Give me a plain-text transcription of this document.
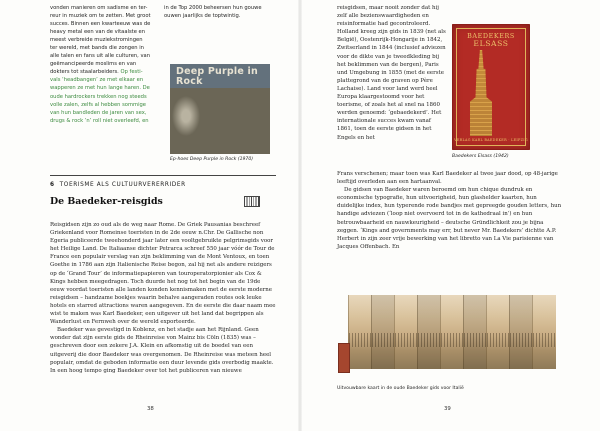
vonden manieren om sadisme en ter-

reur in muziek om te zetten. Met groot

succes. Binnen een kwarteeuw was de

heavy metal een van de vitaalste en

meest verbreide muziekstromingen

ter wereld, met bands die zongen in

alle talen en fans uit alle culturen, van

geëmancipeerde moslims en van

dokters tot staalarbeiders. Op festi-

vals ‘headbangen’ ze met elkaar en

wapperen ze met hun lange haren. De

oude hardrockers trekken nog steeds

volle zalen, zelfs al hebben sommige

van hun bandleden de jaren van sex,

drugs & rock ’n’ roll niet overleefd, en

in de Top 2000 beheersen hun gouwe

ouwen jaarlijks de toptwintig.

Deep Purple in Rock
Ep-hoes Deep Purple in Rock (1970)
6 TOERISME ALS CULTUURVERERRIDER
De Baedeker-reisgids

Reisgidsen zijn zo oud als de weg naar Rome. De Griek Pausanias beschreef Griekenland voor Romeinse toeristen in de 2de eeuw n.Chr. De Gallische non Egeria publiceerde tweehonderd jaar later een vooltgebruikte pelgrimsgids voor het Heilige Land. De Italiaanse dichter Petrarca schreef 550 jaar vóór de Tour de France een populair verslag van zijn beklimming van de Mont Ventoux, en toen Goethe in 1786 aan zijn Italienische Reise begon, zal hij net als andere reizigers op de ‘Grand Tour’ de informatiepapieren van touroperatorpionier als Cox & Kings hebben meegedragen. Toch duurde het nog tot het begin van de 19de eeuw voordat toeristen alle landen konden kennismaken met de eerste moderne reisgidsen – handzame boekjes waarin behalve aangeraden routes ook leuke hotels en starred attractions waren aangegeven. En de eerste die daar naam mee wist te maken was Karl Baedeker, een uitgever uit het land dat begrippen als Wanderlust en Fernweh over de wereld exporteerde.

Baedeker was gevestigd in Koblenz, en het stadje aan het Rijnland. Geen wonder dat zijn eerste gids de Rheinreise von Mainz bis Cöln (1835) was – geschreven door een zekere J.A. Klein en afkomstig uit de boedel van een uitgeverij die door Baedeker was overgenomen. De Rheinreise was meteen heel populair, omdat de geboden informatie een duur levende gids overbodig maakte. In een hoog tempo ging Baedeker over tot het publiceren van nieuwe

38

reisgidsen, maar nooit zonder dat hij zelf alle bezienswaardigheden en reisinformatie had gecontroleerd. Holland kreeg zijn gids in 1839 (net als België), Oostenrijk-Hongarije in 1842, Zwitserland in 1844 (inclusief adviezen voor de dikte van je tweedkleding bij het beklimmen van de bergen), Paris und Umgebung in 1855 (met de eerste plattegrond van de graven op Père Lachaise). Land voor land werd heel Europa klaargestoomd voor het toerisme, of zoals het al snel na 1860 werden genoemd: ‘gebaedekerd’. Het internationale succes kwam vanaf 1861, toen de eerste gidsen in het Engels en het

BAEDEKERS
ELSASS
VERLAG KARL BAEDEKER · LEIPZIG
Baedekers Elsass (1942)

Frans verschenen; maar toen was Karl Baedeker al twee jaar dood, op 48-jarige leeftijd overleden aan een hartaanval.

De gidsen van Baedeker waren beroemd om hun chique dundruk en economische typografie, hun uitvoerigheid, hun glashelder kaarten, hun duidelijke index, hun typerende rode bandjes met gepreegde gouden letters, hun handige adviezen (‘loop niet overvoerd tot in de kathedraal in’) en hun betrouwbaarheid en nauwkeurigheid – deutsche Gründlichkeit zou je bijna zeggen. ‘Kings and governments may err, but never Mr. Baedekers’ dichtte A.P. Herbert in zijn zeer vrije bewerking van het libretto van La Vie parisienne van Jacques Offenbach. En

Uitvouwbare kaart in de oude Baedeker gids voor Italië
39
